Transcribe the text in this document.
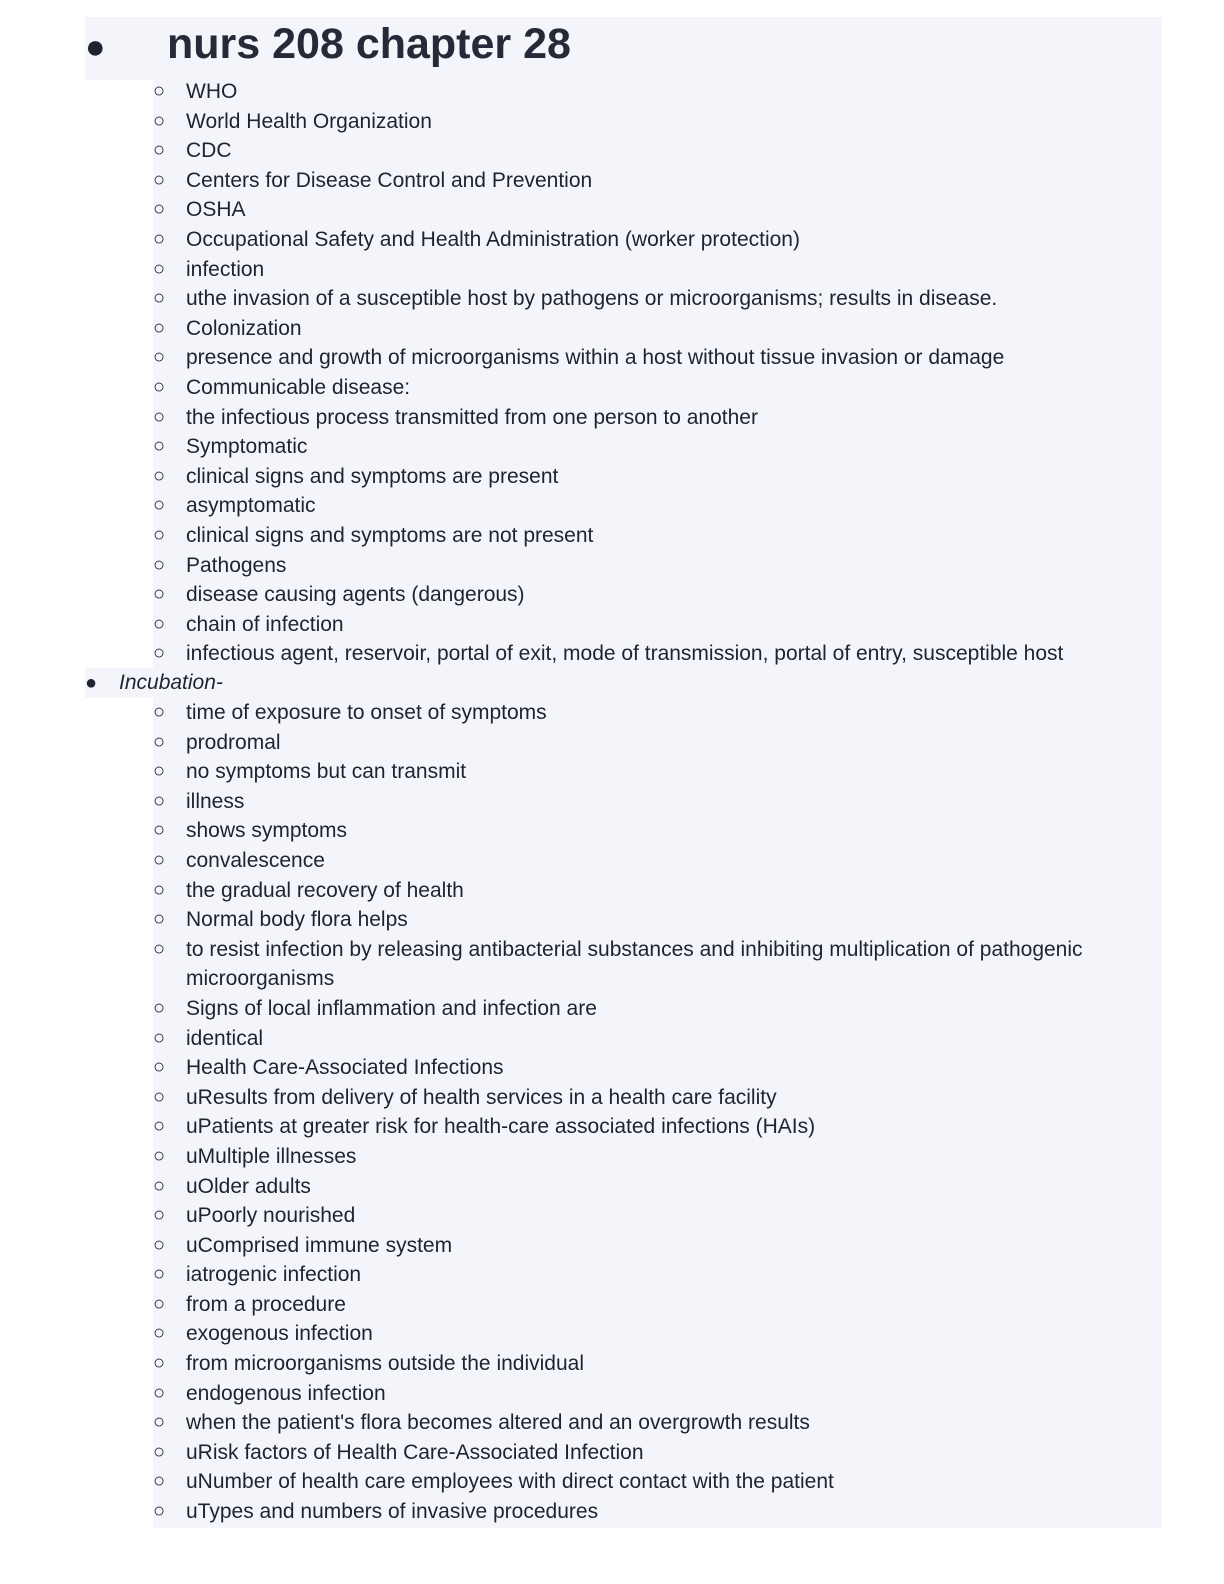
● nurs 208 chapter 28
○ WHO
○ World Health Organization
○ CDC
○ Centers for Disease Control and Prevention
○ OSHA
○ Occupational Safety and Health Administration (worker protection)
○ infection
○ uthe invasion of a susceptible host by pathogens or microorganisms; results in disease.
○ Colonization
○ presence and growth of microorganisms within a host without tissue invasion or damage
○ Communicable disease:
○ the infectious process transmitted from one person to another
○ Symptomatic
○ clinical signs and symptoms are present
○ asymptomatic
○ clinical signs and symptoms are not present
○ Pathogens
○ disease causing agents (dangerous)
○ chain of infection
○ infectious agent, reservoir, portal of exit, mode of transmission, portal of entry, susceptible host
● Incubation-
○ time of exposure to onset of symptoms
○ prodromal
○ no symptoms but can transmit
○ illness
○ shows symptoms
○ convalescence
○ the gradual recovery of health
○ Normal body flora helps
○ to resist infection by releasing antibacterial substances and inhibiting multiplication of pathogenic microorganisms
○ Signs of local inflammation and infection are
○ identical
○ Health Care-Associated Infections
○ uResults from delivery of health services in a health care facility
○ uPatients at greater risk for health-care associated infections (HAIs)
○ uMultiple illnesses
○ uOlder adults
○ uPoorly nourished
○ uComprised immune system
○ iatrogenic infection
○ from a procedure
○ exogenous infection
○ from microorganisms outside the individual
○ endogenous infection
○ when the patient's flora becomes altered and an overgrowth results
○ uRisk factors of Health Care-Associated Infection
○ uNumber of health care employees with direct contact with the patient
○ uTypes and numbers of invasive procedures
